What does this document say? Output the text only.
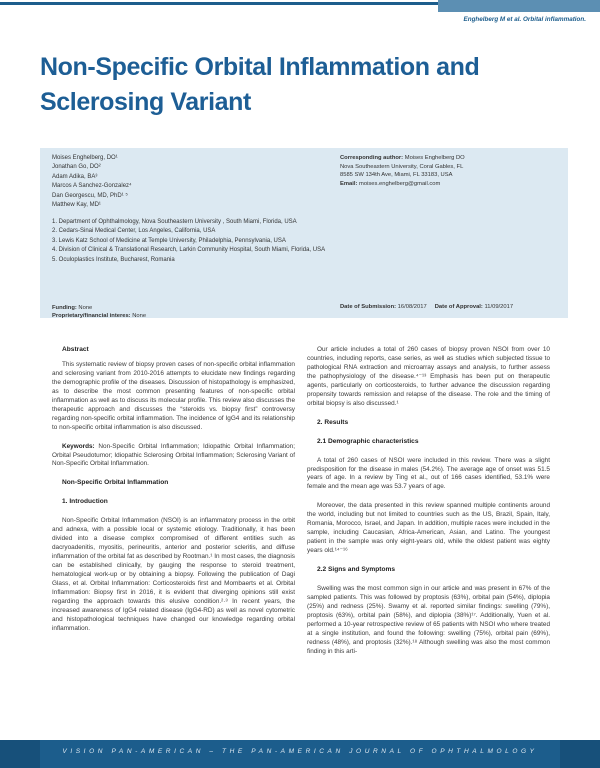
Enghelberg M et al. Orbital inflammation.
Non-Specific Orbital Inflammation and Sclerosing Variant
Moises Enghelberg, DO¹
Jonathan Go, DO²
Adam Adika, BA³
Marcos A Sanchez-Gonzalez⁴
Dan Georgescu, MD, PhD¹ ⁵
Matthew Kay, MD¹
1. Department of Ophthalmology, Nova Southeastern University , South Miami, Florida, USA
2. Cedars-Sinai Medical Center, Los Angeles, California, USA
3. Lewis Katz School of Medicine at Temple University, Philadelphia, Pennsylvania, USA
4. Division of Clinical & Translational Research, Larkin Community Hospital, South Miami, Florida, USA
5. Oculoplastics Institute, Bucharest, Romania
Corresponding author: Moises Enghelberg DO
Nova Southeastern University, Coral Gables, FL
8585 SW 134th Ave, Miami, FL 33183, USA
Email: moises.enghelberg@gmail.com
Funding: None
Proprietary/financial interes: None
Date of Submission: 16/08/2017 Date of Approval: 11/09/2017

Abstract

This systematic review of biopsy proven cases of non-specific orbital inflammation and sclerosing variant from 2010-2016 attempts to elucidate new findings regarding the demographic profile of the diseases. Discussion of histopathology is emphasized, as to describe the most common presenting features of non-specific orbital inflammation as well as to discuss its molecular profile. This review also discusses the therapeutic approach and discusses the “steroids vs. biopsy first” controversy regarding non-specific orbital inflammation. The incidence of IgG4 and its relationship to non-specific orbital inflammation is also discussed.

Keywords: Non-Specific Orbital Inflammation; Idiopathic Orbital Inflammation; Orbital Pseudotumor; Idiopathic Sclerosing Orbital Inflammation; Sclerosing Variant of Non-Specific Orbital Inflammation.

Non-Specific Orbital Inflammation

1. Introduction

Non-Specific Orbital Inflammation (NSOI) is an inflammatory process in the orbit and adnexa, with a possible local or systemic etiology. Traditionally, it has been divided into a disease complex compromised of different entities such as dacryoadenitis, myositis, perineuritis, anterior and posterior scleritis, and diffuse inflammation of the orbital fat as described by Rootman.¹ In most cases, the diagnosis can be established clinically, by gauging the response to steroid treatment, hematological work-up or by obtaining a biopsy. Following the publication of Dagi Glass, et al. Orbital Inflammation: Corticosteroids first and Mombaerts et al. Orbital Inflammation: Biopsy first in 2016, it is evident that diverging opinions still exist regarding the approach towards this elusive condition.²·³ In recent years, the increased awareness of IgG4 related disease (IgG4-RD) as well as novel cytometric and histopathological techniques have changed our knowledge regarding orbital inflammation.

Our article includes a total of 260 cases of biopsy proven NSOI from over 10 countries, including reports, case series, as well as studies which subjected tissue to pathological RNA extraction and microarray assays and analysis, to further assess the pathophysiology of the disease.⁴⁻¹³ Emphasis has been put on therapeutic agents, particularly on corticosteroids, to further advance the discussion regarding propensity towards remission and relapse of the disease. The role and the timing of orbital biopsy is also discussed.¹

2. Results

2.1 Demographic characteristics

A total of 260 cases of NSOI were included in this review. There was a slight predisposition for the disease in males (54.2%). The average age of onset was 51.5 years of age. In a review by Ting et al., out of 166 cases identified, 53.1% were female and the mean age was 53.7 years of age.

Moreover, the data presented in this review spanned multiple continents around the world, including but not limited to countries such as the US, Brazil, Spain, Italy, Romania, Morocco, Israel, and Japan. In addition, multiple races were included in the sample, including Caucasian, Africa-American, Asian, and Latino. The youngest patient in the sample was only eight-years old, while the oldest patient was eighty years old.¹⁴⁻¹⁶

2.2 Signs and Symptoms

Swelling was the most common sign in our article and was present in 67% of the sampled patients. This was followed by proptosis (63%), orbital pain (54%), diplopia (25%) and redness (25%). Swamy et al. reported similar findings: swelling (79%), proptosis (63%), orbital pain (58%), and diplopia (38%)¹⁷. Additionally, Yuen et al. performed a 10-year retrospective review of 65 patients with NSOI who where treated at a single institution, and found the following: swelling (75%), orbital pain (69%), redness (48%), and proptosis (32%).¹⁸ Although swelling was also the most common finding in this arti-

VISION PAN-AMERICAN – THE PAN-AMERICAN JOURNAL OF OPHTHALMOLOGY
